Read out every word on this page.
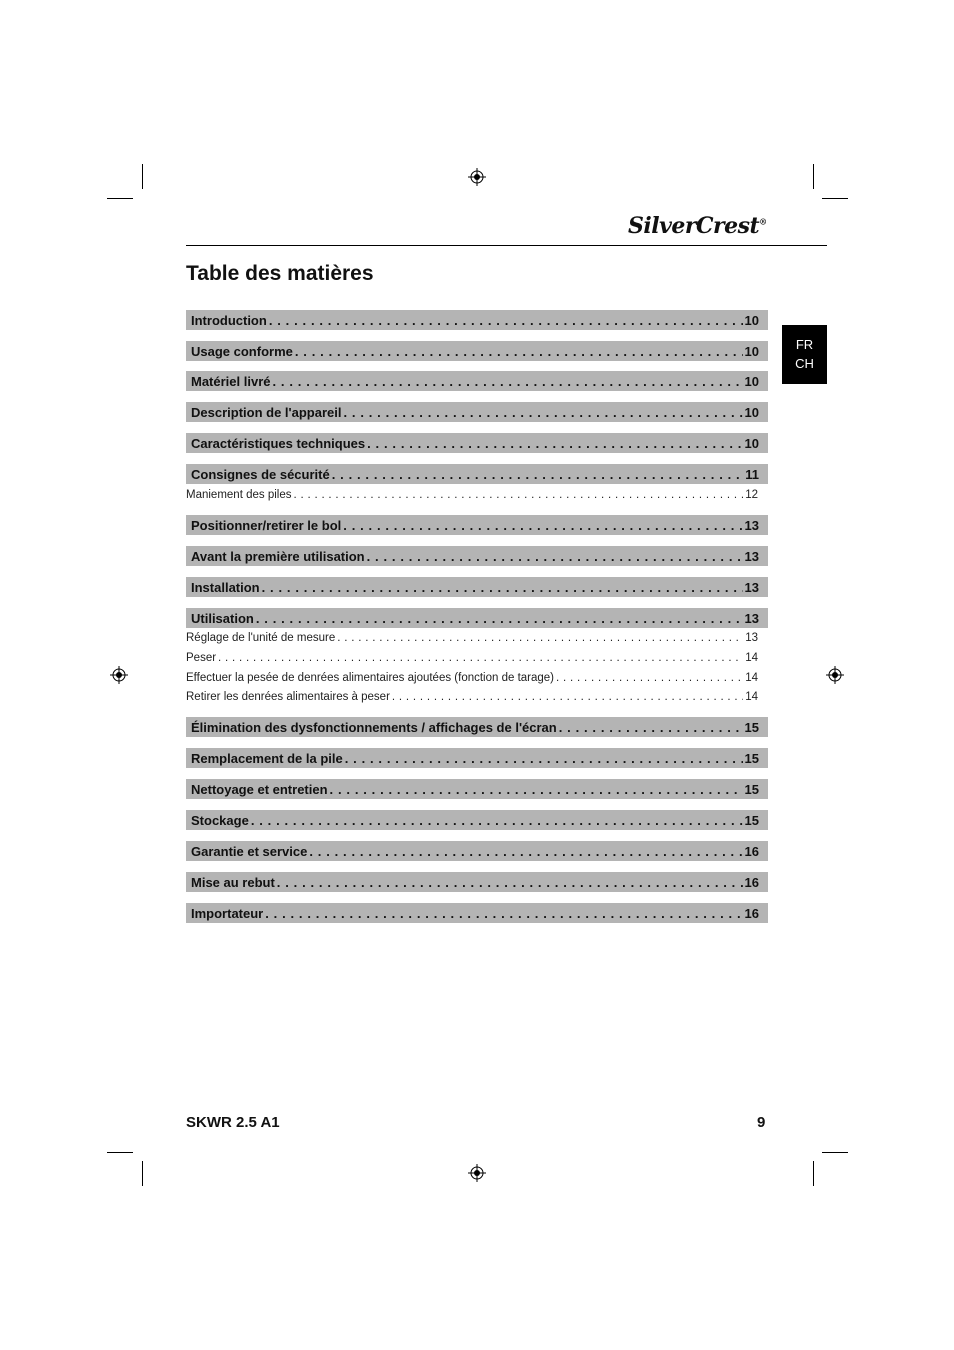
SilverCrest®
Table des matières
FR
CH
Introduction . . .	10
Usage conforme . . .	10
Matériel livré . . .	10
Description de l'appareil . . .	10
Caractéristiques techniques . . .	10
Consignes de sécurité . . .	11
Maniement des piles . . .	12
Positionner/retirer le bol . . .	13
Avant la première utilisation . . .	13
Installation . . .	13
Utilisation . . .	13
Réglage de l'unité de mesure . . .	13
Peser . . .	14
Effectuer la pesée de denrées alimentaires ajoutées (fonction de tarage) . . .	14
Retirer les denrées alimentaires à peser . . .	14
Élimination des dysfonctionnements / affichages de l'écran . . .	15
Remplacement de la pile . . .	15
Nettoyage et entretien . . .	15
Stockage . . .	15
Garantie et service . . .	16
Mise au rebut . . .	16
Importateur . . .	16
SKWR 2.5 A1	9
